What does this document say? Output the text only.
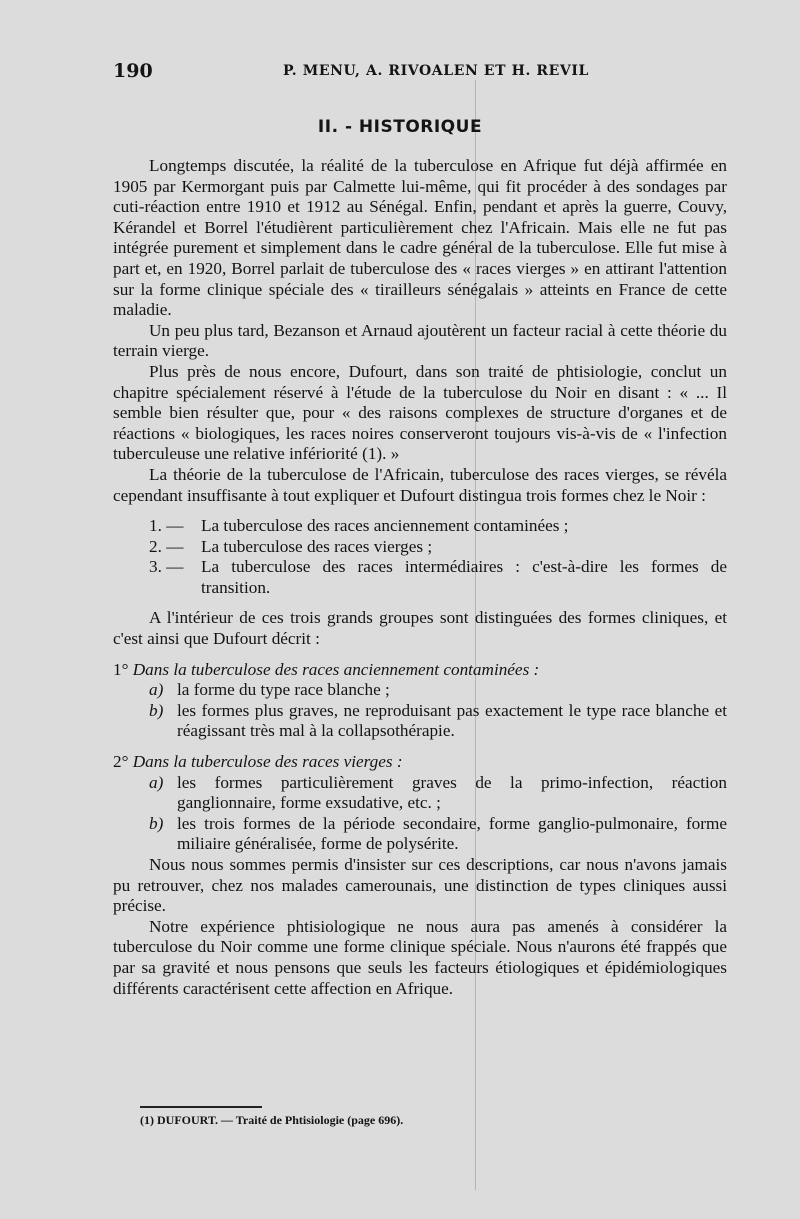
190	P. MENU, A. RIVOALEN ET H. REVIL
II. - HISTORIQUE

Longtemps discutée, la réalité de la tuberculose en Afrique fut déjà affirmée en 1905 par Kermorgant puis par Calmette lui-même, qui fit procéder à des sondages par cuti-réaction entre 1910 et 1912 au Sénégal. Enfin, pendant et après la guerre, Couvy, Kérandel et Borrel l'étudièrent particulièrement chez l'Africain. Mais elle ne fut pas intégrée purement et simplement dans le cadre général de la tuberculose. Elle fut mise à part et, en 1920, Borrel parlait de tuberculose des « races vierges » en attirant l'attention sur la forme clinique spéciale des « tirailleurs sénégalais » atteints en France de cette maladie.

Un peu plus tard, Bezanson et Arnaud ajoutèrent un facteur racial à cette théorie du terrain vierge.

Plus près de nous encore, Dufourt, dans son traité de phtisiologie, conclut un chapitre spécialement réservé à l'étude de la tuberculose du Noir en disant : « ... Il semble bien résulter que, pour « des raisons complexes de structure d'organes et de réactions « biologiques, les races noires conserveront toujours vis-à-vis de « l'infection tuberculeuse une relative infériorité (1). »

La théorie de la tuberculose de l'Africain, tuberculose des races vierges, se révéla cependant insuffisante à tout expliquer et Dufourt distingua trois formes chez le Noir :

1. — La tuberculose des races anciennement contaminées ;
2. — La tuberculose des races vierges ;
3. — La tuberculose des races intermédiaires : c'est-à-dire les formes de transition.

A l'intérieur de ces trois grands groupes sont distinguées des formes cliniques, et c'est ainsi que Dufourt décrit :

1° Dans la tuberculose des races anciennement contaminées :

a) la forme du type race blanche ;

b) les formes plus graves, ne reproduisant pas exactement le type race blanche et réagissant très mal à la collapsothérapie.

2° Dans la tuberculose des races vierges :

a) les formes particulièrement graves de la primo-infection, réaction ganglionnaire, forme exsudative, etc. ;

b) les trois formes de la période secondaire, forme ganglio-pulmonaire, forme miliaire généralisée, forme de polysérite.

Nous nous sommes permis d'insister sur ces descriptions, car nous n'avons jamais pu retrouver, chez nos malades camerounais, une distinction de types cliniques aussi précise.

Notre expérience phtisiologique ne nous aura pas amenés à considérer la tuberculose du Noir comme une forme clinique spéciale. Nous n'aurons été frappés que par sa gravité et nous pensons que seuls les facteurs étiologiques et épidémiologiques différents caractérisent cette affection en Afrique.

(1) DUFOURT. — Traité de Phtisiologie (page 696).
